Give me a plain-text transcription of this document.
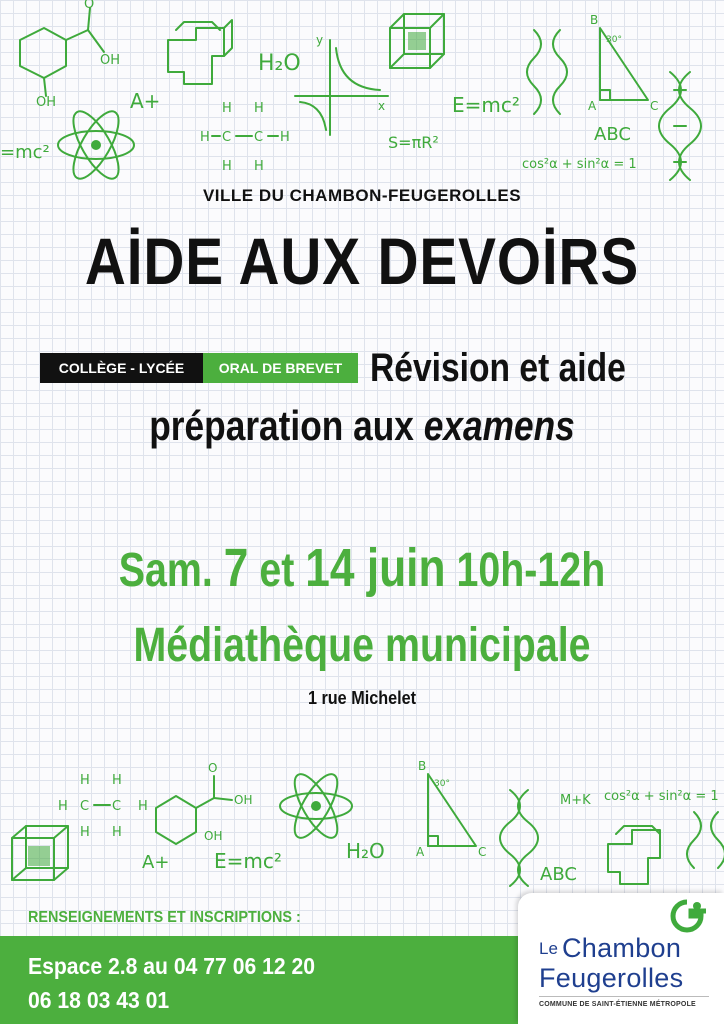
O
OH
OH
=mc²
A+	H H
H C C H
H H
H₂O
y
x
S=πR²
E=mc²
B
A	C
30°
ABC
cos²α + sin²α = 1
H H
H C C H
H H
O
OH
OH
A+ E=mc²	H₂O
B
A	C
30°
ABC
M+K cos²α + sin²α = 1
VILLE DU CHAMBON-FEUGEROLLES
AİDE AUX DEVOİRS
COLLÈGE - LYCÉE	ORAL DE BREVET Révision et aide
préparation aux examens
Sam. 7 et 14 juin 10h-12h
Médiathèque municipale
1 rue Michelet
RENSEIGNEMENTS ET INSCRIPTIONS :
Espace 2.8 au 04 77 06 12 20
06 18 03 43 01
Le Chambon
Feugerolles
COMMUNE DE SAINT-ÉTIENNE MÉTROPOLE
